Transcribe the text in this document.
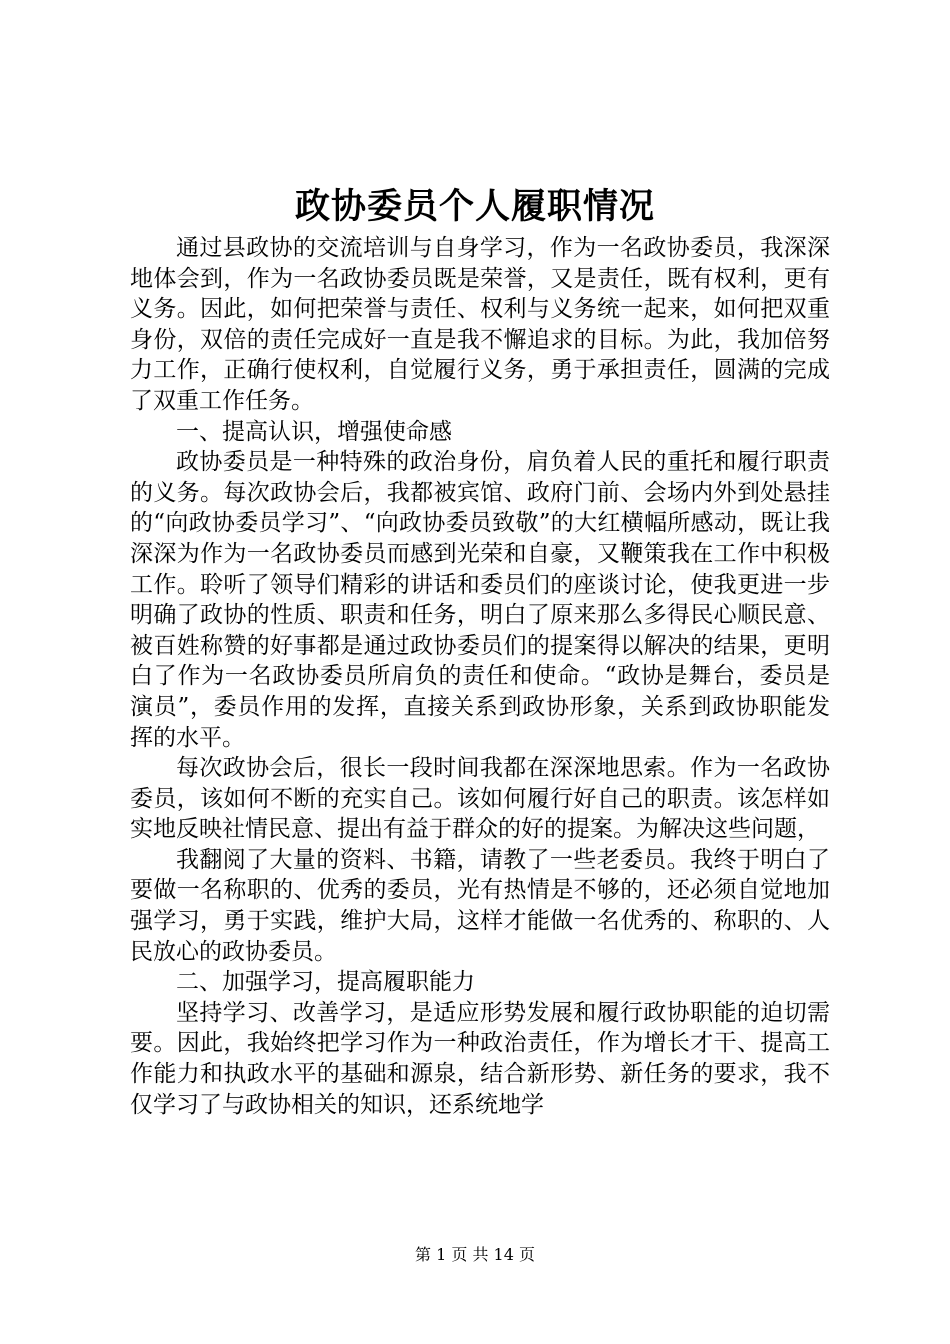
政协委员个人履职情况

通过县政协的交流培训与自身学习，作为一名政协委员，我深深地体会到，作为一名政协委员既是荣誉，又是责任，既有权利，更有义务。因此，如何把荣誉与责任、权利与义务统一起来，如何把双重身份，双倍的责任完成好一直是我不懈追求的目标。为此，我加倍努力工作，正确行使权利，自觉履行义务，勇于承担责任，圆满的完成了双重工作任务。

一、提高认识，增强使命感

政协委员是一种特殊的政治身份，肩负着人民的重托和履行职责的义务。每次政协会后，我都被宾馆、政府门前、会场内外到处悬挂的“向政协委员学习”、“向政协委员致敬”的大红横幅所感动，既让我深深为作为一名政协委员而感到光荣和自豪，又鞭策我在工作中积极工作。聆听了领导们精彩的讲话和委员们的座谈讨论，使我更进一步明确了政协的性质、职责和任务，明白了原来那么多得民心顺民意、被百姓称赞的好事都是通过政协委员们的提案得以解决的结果，更明白了作为一名政协委员所肩负的责任和使命。“政协是舞台，委员是演员”，委员作用的发挥，直接关系到政协形象，关系到政协职能发挥的水平。

每次政协会后，很长一段时间我都在深深地思索。作为一名政协委员，该如何不断的充实自己。该如何履行好自己的职责。该怎样如实地反映社情民意、提出有益于群众的好的提案。为解决这些问题，

我翻阅了大量的资料、书籍，请教了一些老委员。我终于明白了要做一名称职的、优秀的委员，光有热情是不够的，还必须自觉地加强学习，勇于实践，维护大局，这样才能做一名优秀的、称职的、人民放心的政协委员。

二、加强学习，提高履职能力

坚持学习、改善学习，是适应形势发展和履行政协职能的迫切需要。因此，我始终把学习作为一种政治责任，作为增长才干、提高工作能力和执政水平的基础和源泉，结合新形势、新任务的要求，我不仅学习了与政协相关的知识，还系统地学

第 1 页 共 14 页
